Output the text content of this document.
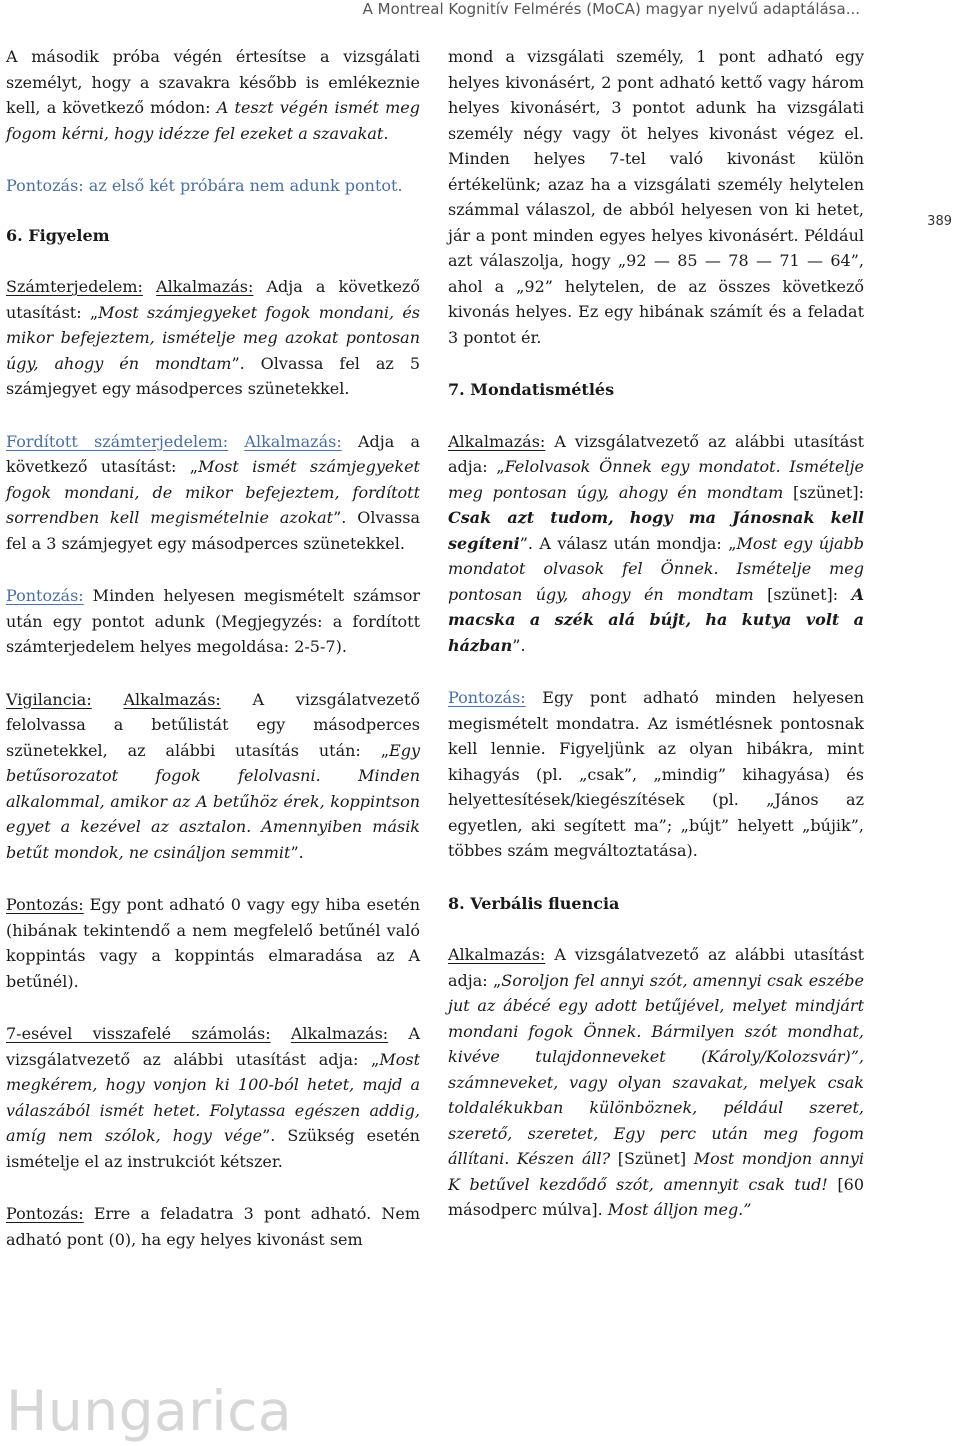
A Montreal Kognitív Felmérés (MoCA) magyar nyelvű adaptálása...
389

A második próba végén értesítse a vizsgálati személyt, hogy a szavakra később is emlékeznie kell, a következő módon: A teszt végén ismét meg fogom kérni, hogy idézze fel ezeket a szavakat.

Pontozás: az első két próbára nem adunk pontot.

6. Figyelem

Számterjedelem: Alkalmazás: Adja a következő utasítást: „Most számjegyeket fogok mondani, és mikor befejeztem, ismételje meg azokat pontosan úgy, ahogy én mondtam”. Olvassa fel az 5 számjegyet egy másodperces szünetekkel.

Fordított számterjedelem: Alkalmazás: Adja a következő utasítást: „Most ismét számjegyeket fogok mondani, de mikor befejeztem, fordított sorrendben kell megismételnie azokat”. Olvassa fel a 3 számjegyet egy másodperces szünetekkel.

Pontozás: Minden helyesen megismételt számsor után egy pontot adunk (Megjegyzés: a fordított számterjedelem helyes megoldása: 2-5-7).

Vigilancia: Alkalmazás: A vizsgálatvezető felolvassa a betűlistát egy másodperces szünetekkel, az alábbi utasítás után: „Egy betűsorozatot fogok felolvasni. Minden alkalommal, amikor az A betűhöz érek, koppintson egyet a kezével az asztalon. Amennyiben másik betűt mondok, ne csináljon semmit”.

Pontozás: Egy pont adható 0 vagy egy hiba esetén (hibának tekintendő a nem megfelelő betűnél való koppintás vagy a koppintás elmaradása az A betűnél).

7-esével visszafelé számolás: Alkalmazás: A vizsgálatvezető az alábbi utasítást adja: „Most megkérem, hogy vonjon ki 100-ból hetet, majd a válaszából ismét hetet. Folytassa egészen addig, amíg nem szólok, hogy vége”. Szükség esetén ismételje el az instrukciót kétszer.

Pontozás: Erre a feladatra 3 pont adható. Nem adható pont (0), ha egy helyes kivonást sem

mond a vizsgálati személy, 1 pont adható egy helyes kivonásért, 2 pont adható kettő vagy három helyes kivonásért, 3 pontot adunk ha vizsgálati személy négy vagy öt helyes kivonást végez el. Minden helyes 7-tel való kivonást külön értékelünk; azaz ha a vizsgálati személy helytelen számmal válaszol, de abból helyesen von ki hetet, jár a pont minden egyes helyes kivonásért. Például azt válaszolja, hogy „92 — 85 — 78 — 71 — 64”, ahol a „92” helytelen, de az összes következő kivonás helyes. Ez egy hibának számít és a feladat 3 pontot ér.

7. Mondatismétlés

Alkalmazás: A vizsgálatvezető az alábbi utasítást adja: „Felolvasok Önnek egy mondatot. Ismételje meg pontosan úgy, ahogy én mondtam [szünet]: Csak azt tudom, hogy ma Jánosnak kell segíteni”. A válasz után mondja: „Most egy újabb mondatot olvasok fel Önnek. Ismételje meg pontosan úgy, ahogy én mondtam [szünet]: A macska a szék alá bújt, ha kutya volt a házban”.

Pontozás: Egy pont adható minden helyesen megismételt mondatra. Az ismétlésnek pontosnak kell lennie. Figyeljünk az olyan hibákra, mint kihagyás (pl. „csak”, „mindig” kihagyása) és helyettesítések/kiegészítések (pl. „János az egyetlen, aki segített ma”; „bújt” helyett „bújik”, többes szám megváltoztatása).

8. Verbális fluencia

Alkalmazás: A vizsgálatvezető az alábbi utasítást adja: „Soroljon fel annyi szót, amennyi csak eszébe jut az ábécé egy adott betűjével, melyet mindjárt mondani fogok Önnek. Bármilyen szót mondhat, kivéve tulajdonneveket (Károly/Kolozsvár)”, számneveket, vagy olyan szavakat, melyek csak toldalékukban különböznek, például szeret, szerető, szeretet, Egy perc után meg fogom állítani. Készen áll? [Szünet] Most mondjon annyi K betűvel kezdődő szót, amennyit csak tud! [60 másodperc múlva]. Most álljon meg.”

Hungarica
